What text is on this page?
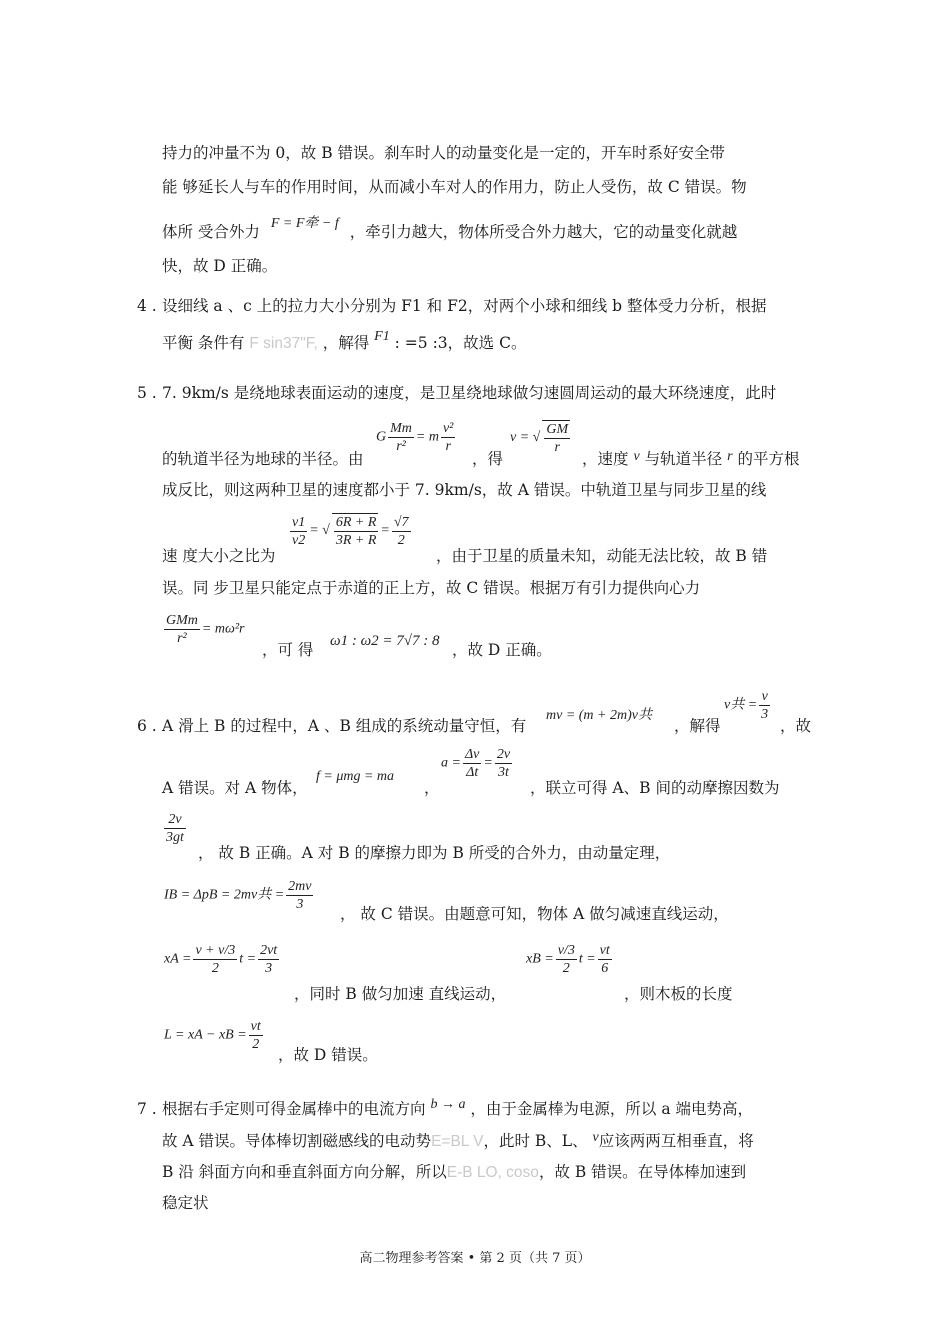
持力的冲量不为 0，故 B 错误。刹车时人的动量变化是一定的，开车时系好安全带
能 够延长人与车的作用时间，从而减小车对人的作用力，防止人受伤，故 C 错误。物
体所 受合外力 F = F牵 − f ，牵引力越大，物体所受合外力越大，它的动量变化就越
快，故 D 正确。
4 . 设细线 a 、c 上的拉力大小分别为 F1 和 F2，对两个小球和细线 b 整体受力分析，根据
平衡 条件有 F sin37"F, ，解得 F1 : =5 :3，故选 C。
5 . 7. 9km/s 是绕地球表面运动的速度，是卫星绕地球做匀速圆周运动的最大环绕速度，此时
的轨道半径为地球的半径。由
G $\frac{Mm}{\text{r²}} = m \frac{\text{v²}}{r}$
，得
v = √ $\frac{GM}{r}$
，速度 v 与轨道半径 r 的平方根
成反比，则这两种卫星的速度都小于 7. 9km/s，故 A 错误。中轨道卫星与同步卫星的线
速 度大小之比为
$\frac{v1}{v2}$ = √ $\frac{6R + R}{3R + R} = \frac{√7}{2}$
，由于卫星的质量未知，动能无法比较，故 B 错
误。同 步卫星只能定点于赤道的正上方，故 C 错误。根据万有引力提供向心力
$\frac{\text{GMm}}{\text{r²}} = m\omega^2r$
，可 得 ω1 : ω2 = 7√7 : 8 ，故 D 正确。
6 . A 滑上 B 的过程中，A 、B 组成的系统动量守恒，有
mv = (m + 2m)v共
，解得
v共 = $\frac{v}{3}$
，故
A 错误。对 A 物体，
f = μmg = ma
，
$a = \frac{\Delta v}{\Delta t} = \frac{2v}{3t}$
，联立可得 A、B 间的动摩擦因数为
$\frac{2v}{3gt}$
， 故 B 正确。A 对 B 的摩擦力即为 B 所受的合外力，由动量定理，
IB = ΔpB = 2mv共 = $\frac{2mv}{3}$
， 故 C 错误。由题意可知，物体 A 做匀减速直线运动，
xA = $\frac{v + v/3}{2}$ $t = \frac{2vt}{3}$
，同时 B 做匀加速 直线运动，
xB = $\frac{v/3}{2}$ $t = \frac{vt}{6}$
，则木板的长度
L = xA − xB = $\frac{vt}{2}$
，故 D 错误。
7 . 根据右手定则可得金属棒中的电流方向 b → a ，由于金属棒为电源，所以 a 端电势高，
故 A 错误。导体棒切割磁感线的电动势E=BL V，此时 B、L、 v应该两两互相垂直，将
B 沿 斜面方向和垂直斜面方向分解，所以E-B LO, coso，故 B 错误。在导体棒加速到
稳定状
高二物理参考答案 • 第 2 页（共 7 页）
